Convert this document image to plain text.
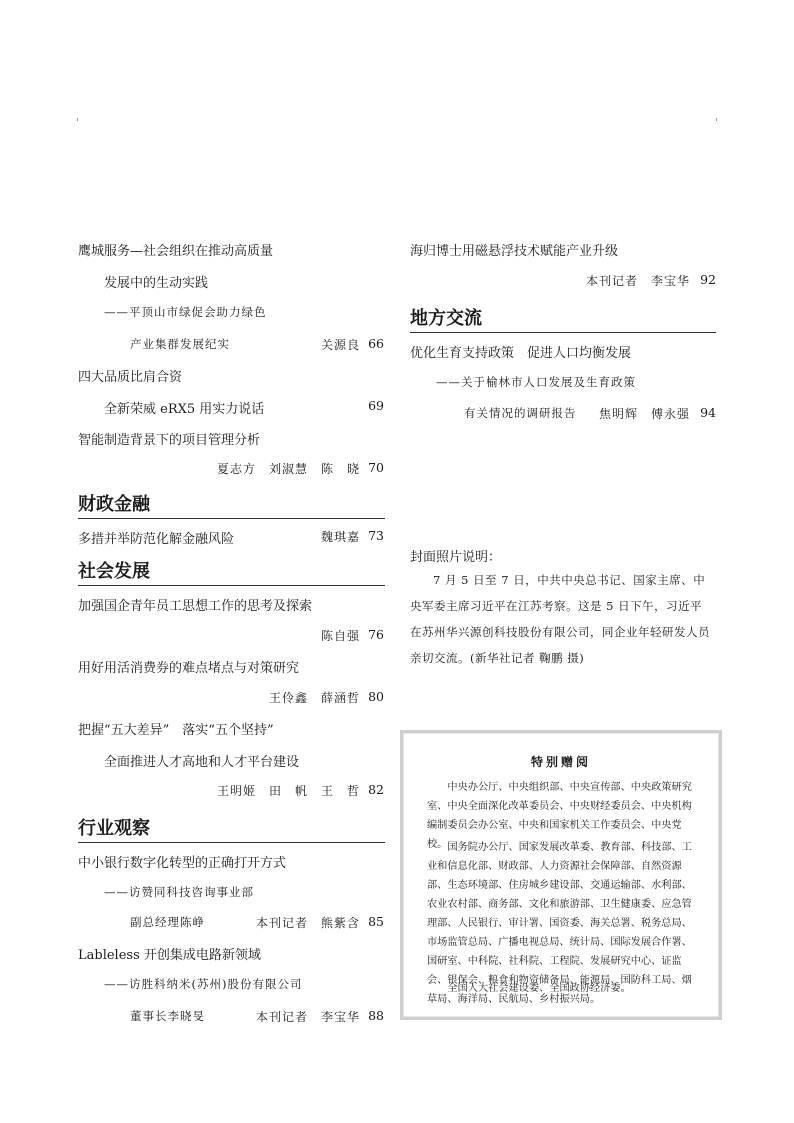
鹰城服务—社会组织在推动高质量
发展中的生动实践
——平顶山市绿促会助力绿色
产业集群发展纪实	关源良 66
四大品质比肩合资
全新荣威 eRX5 用实力说话	69
智能制造背景下的项目管理分析
夏志方　刘淑慧　陈　晓 70
财政金融
多措并举防范化解金融风险	魏琪嘉 73
社会发展
加强国企青年员工思想工作的思考及探索
陈自强 76
用好用活消费券的难点堵点与对策研究
王伶鑫　薛涵哲 80
把握“五大差异”　落实“五个坚持”
全面推进人才高地和人才平台建设
王明姬　田　帆　王　哲 82
行业观察
中小银行数字化转型的正确打开方式
——访赞同科技咨询事业部
副总经理陈峥	本刊记者　熊紫含 85
Lableless 开创集成电路新领域
——访胜科纳米(苏州)股份有限公司
董事长李晓旻	本刊记者　李宝华 88
海归博士用磁悬浮技术赋能产业升级
本刊记者　李宝华 92
地方交流
优化生育支持政策　促进人口均衡发展
——关于榆林市人口发展及生育政策
有关情况的调研报告 焦明辉　傅永强 94
封面照片说明：
7 月 5 日至 7 日，中共中央总书记、国家主席、中央军委主席习近平在江苏考察。这是 5 日下午，习近平在苏州华兴源创科技股份有限公司，同企业年轻研发人员亲切交流。(新华社记者 鞠鹏 摄)
特别赠阅
中央办公厅、中央组织部、中央宣传部、中央政策研究室、中央全面深化改革委员会、中央财经委员会、中央机构编制委员会办公室、中央和国家机关工作委员会、中央党校。 国务院办公厅、国家发展改革委、教育部、科技部、工业和信息化部、财政部、人力资源社会保障部、自然资源部、生态环境部、住房城乡建设部、交通运输部、水利部、农业农村部、商务部、文化和旅游部、卫生健康委、应急管理部、人民银行、审计署、国资委、海关总署、税务总局、市场监管总局、广播电视总局、统计局、国际发展合作署、国研室、中科院、社科院、工程院、发展研究中心、证监会、银保会、粮食和物资储备局、能源局、国防科工局、烟草局、海洋局、民航局、乡村振兴局。
全国人大社会建设委、全国政协经济委。
